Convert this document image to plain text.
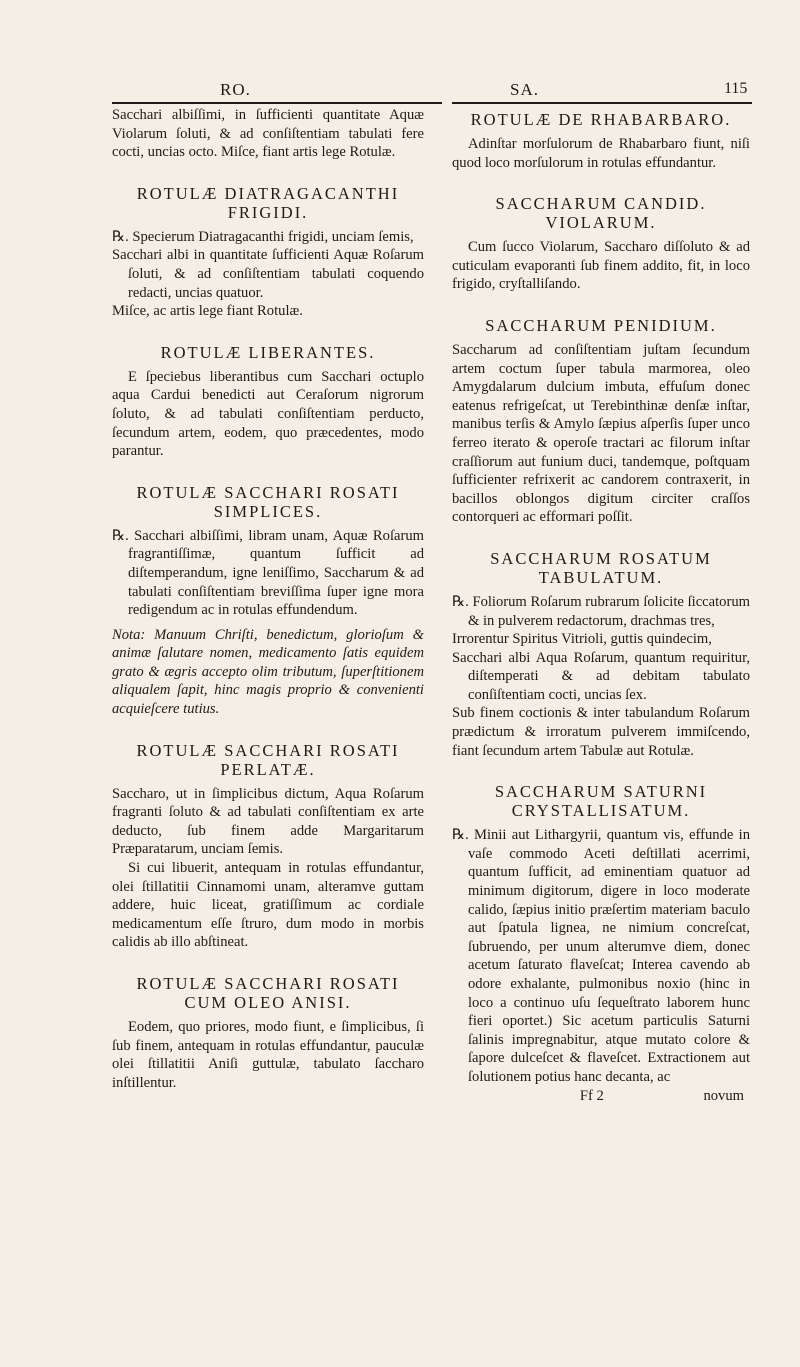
RO.	SA.	115

Sacchari albiſſimi, in ſufficienti quantitate Aquæ Violarum ſoluti, & ad conſiſtentiam tabulati fere cocti, uncias octo. Miſce, fiant artis lege Rotulæ.

ROTULÆ DIATRAGACANTHI FRIGIDI.

℞. Specierum Diatragacanthi frigidi, unciam ſemis,

Sacchari albi in quantitate ſufficienti Aquæ Roſarum ſoluti, & ad conſiſtentiam tabulati coquendo redacti, uncias quatuor.

Miſce, ac artis lege fiant Rotulæ.

ROTULÆ LIBERANTES.

E ſpeciebus liberantibus cum Sacchari octuplo aqua Cardui benedicti aut Ceraſorum nigrorum ſoluto, & ad tabulati conſiſtentiam perducto, ſecundum artem, eodem, quo præcedentes, modo parantur.

ROTULÆ SACCHARI ROSATI SIMPLICES.

℞. Sacchari albiſſimi, libram unam, Aquæ Roſarum fragrantiſſimæ, quantum ſufficit ad diſtemperandum, igne leniſſimo, Saccharum & ad tabulati conſiſtentiam breviſſima ſuper igne mora redigendum ac in rotulas effundendum.

Nota: Manuum Chriſti, benedictum, glorioſum & animæ ſalutare nomen, medicamento ſatis equidem grato & ægris accepto olim tributum, ſuperſtitionem aliqualem ſapit, hinc magis proprio & convenienti acquieſcere tutius.

ROTULÆ SACCHARI ROSATI PERLATÆ.

Saccharo, ut in ſimplicibus dictum, Aqua Roſarum fragranti ſoluto & ad tabulati conſiſtentiam ex arte deducto, ſub finem adde Margaritarum Præparatarum, unciam ſemis.

Si cui libuerit, antequam in rotulas effundantur, olei ſtillatitii Cinnamomi unam, alteramve guttam addere, huic liceat, gratiſſimum ac cordiale medicamentum eſſe ſtruro, dum modo in morbis calidis ab illo abſtineat.

ROTULÆ SACCHARI ROSATI CUM OLEO ANISI.

Eodem, quo priores, modo fiunt, e ſimplicibus, ſi ſub finem, antequam in rotulas effundantur, pauculæ olei ſtillatitii Aniſi guttulæ, tabulato ſaccharo inſtillentur.

ROTULÆ DE RHABARBARO.

Adinſtar morſulorum de Rhabarbaro fiunt, niſi quod loco morſulorum in rotulas effundantur.

SACCHARUM CANDID. VIOLARUM.

Cum ſucco Violarum, Saccharo diſſoluto & ad cuticulam evaporanti ſub finem addito, fit, in loco frigido, cryſtalliſando.

SACCHARUM PENIDIUM.

Saccharum ad conſiſtentiam juſtam ſecundum artem coctum ſuper tabula marmorea, oleo Amygdalarum dulcium imbuta, effuſum donec eatenus refrigeſcat, ut Terebinthinæ denſæ inſtar, manibus terſis & Amylo ſæpius aſperſis ſuper unco ferreo iterato & operoſe tractari ac filorum inſtar craſſiorum aut funium duci, tandemque, poſtquam ſufficienter refrixerit ac candorem contraxerit, in bacillos oblongos digitum circiter craſſos contorqueri ac efformari poſſit.

SACCHARUM ROSATUM TABULATUM.

℞. Foliorum Roſarum rubrarum ſolicite ſiccatorum & in pulverem redactorum, drachmas tres,

Irrorentur Spiritus Vitrioli, guttis quindecim,

Sacchari albi Aqua Roſarum, quantum requiritur, diſtemperati & ad debitam tabulato conſiſtentiam cocti, uncias ſex.

Sub finem coctionis & inter tabulandum Roſarum prædictum & irroratum pulverem immiſcendo, fiant ſecundum artem Tabulæ aut Rotulæ.

SACCHARUM SATURNI CRYSTALLISATUM.

℞. Minii aut Lithargyrii, quantum vis, effunde in vaſe commodo Aceti deſtillati acerrimi, quantum ſufficit, ad eminentiam quatuor ad minimum digitorum, digere in loco moderate calido, ſæpius initio præſertim materiam baculo aut ſpatula lignea, ne nimium concreſcat, ſubruendo, per unum alterumve diem, donec acetum ſaturato flaveſcat; Interea cavendo ab odore exhalante, pulmonibus noxio (hinc in loco a continuo uſu ſequeſtrato laborem hunc fieri oportet.) Sic acetum particulis Saturni ſalinis impregnabitur, atque mutato colore & ſapore dulceſcet & flaveſcet. Extractionem aut ſolutionem potius hanc decanta, ac

Ff 2	novum
